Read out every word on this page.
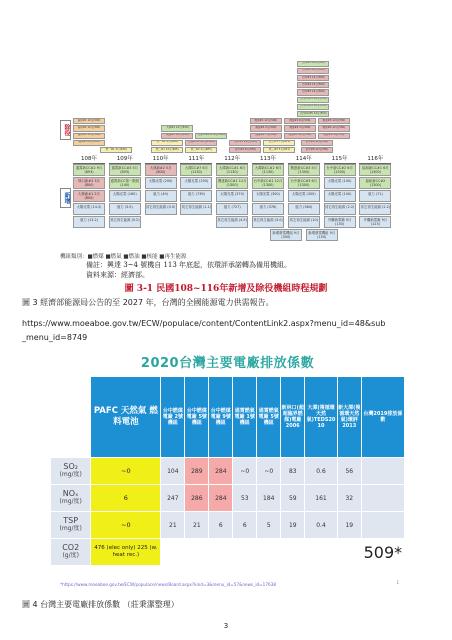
除役
新增
108年	109年	110年	111年	112年	113年	114年	115年	116年
台中#1 12月(550)
台中#2 12月(550)
台中#3 12月(550)
台中#4 12月(550)
台中#5 12月(550)
台中CC#1 12月(550)
台中CC#3 12月(550)
台中CC#5 12月(550)
興達#1 12月(500)	興達#2 6月(500)	興達#3 12月(550)
協和#1 12月(500)
協和#2 12月(500)	大林#1 12月(550)	興達#3 2月(500)	興達#4 3月(500)	興達#4 12月(550)
協和#4 12月(500)	興達#3 12月(550)	大潭CC#1-6 6月(5000)	興達#4 7月(500)	興達#5 12月(550)	興達#4 4月(550)
協和#3 6月(500)	核一#1 2月(636)	大林#3-4 12月(1100)	台中#5 12月(550)	核三#1 7月(951)	台中#6 12月(550)
核一#1 3月(636)	核二#1 12月(985)	核二#2 2月(985)	台中#4 8月(550)	核三#2 5月(951)	台中#8 12月(550)
通霄新CC#2 9月(893)
通霄新CC#3 5月(893)
大林新#2 5月(800)
大潭CC#7 6月(1130)
大潭新CC#1 6月(1130)
大潭新CC#2 6月(1130)
興達新CC#3 5月(1300)
台中新CC#2 6月(1300)
協和新CC#1 6月(1300)
林口新#3 3月(800)
通霄新CC第一階段 (140)
太陽光電 (200)	太陽光電 (250)	興達新CC#1 12月(1300)
台中新CC#1 12月(1300)
台中新CC#3 6月(1300)
太陽光電 (100)	協和新CC#2 (1300)
大林新#1 2月(800)
太陽光電 (160)	風力 (49)	風力 (739)	太陽光電 (370)	太陽光電 (300)	太陽光電 (300)	太陽光電 (100)	風力 (71)
太陽光電 (14.3)	風力 (3.5)	其它再生能源 (0.5)	其它再生能源 (1.1)	風力 (727)	風力 (376)	風力 (564)	其它再生能源 (2.2)	其它再生能源 (2.2)
風力 (13.2)	其它再生能源 (0.2)	其它再生能源 (4.5)	其它再生能源 (3.0)	其它再生能源 (10)	外購新電廠 9月(130)
外購新電廠 9月(123)
新增發電機組 9月(300)
新增發電機組 9月(150)
機組類別：■燃煤 ■燃氣 ■燃油 ■核能 ■再生能源
備註：興達 3~4 號機自 113 年底起，依環評承諾轉為備用機組。
資料來源：經濟部。
圖 3-1 民國108~116年新增及除役機組時程規劃
圖 3 經濟部能源局公告的至 2027 年，台灣的全國能源電力供需報告。
https://www.moeaboe.gov.tw/ECW/populace/content/ContentLink2.aspx?menu_id=48&sub
_menu_id=8749
2020台灣主要電廠排放係數
	PAFC 天然氣 燃料電池	台中燃煤電廠 2號機組	台中燃煤電廠 5號機組	台中燃煤電廠 9號機組	通霄燃氣電廠 1號機組	通霄燃氣電廠 5號機組	新林口(超超臨界燃煤)電廠 2006	大潭(複循環天然氣)TEDS20 10	新大潭(複循環天然氣)環評 2013	台灣2019排放係數

SO₂
(mg/度)	~0	104	289	284	~0	~0	83	0.6	56	

NOₓ
(mg/度)	6	247	286	284	53	184	59	161	32	

TSP
(mg/度)	~0	21	21	6	6	5	19	0.4	19	

CO2
(g/度)	476 (elec only) 225 (w. heat rec.)									509*
*https://www.moeaboe.gov.tw/ECW/populace/news/Board.aspx?kind=3&menu_id=57&news_id=17638	1
圖 4 台灣主要電廠排放係數 （莊秉潔整理）
3
